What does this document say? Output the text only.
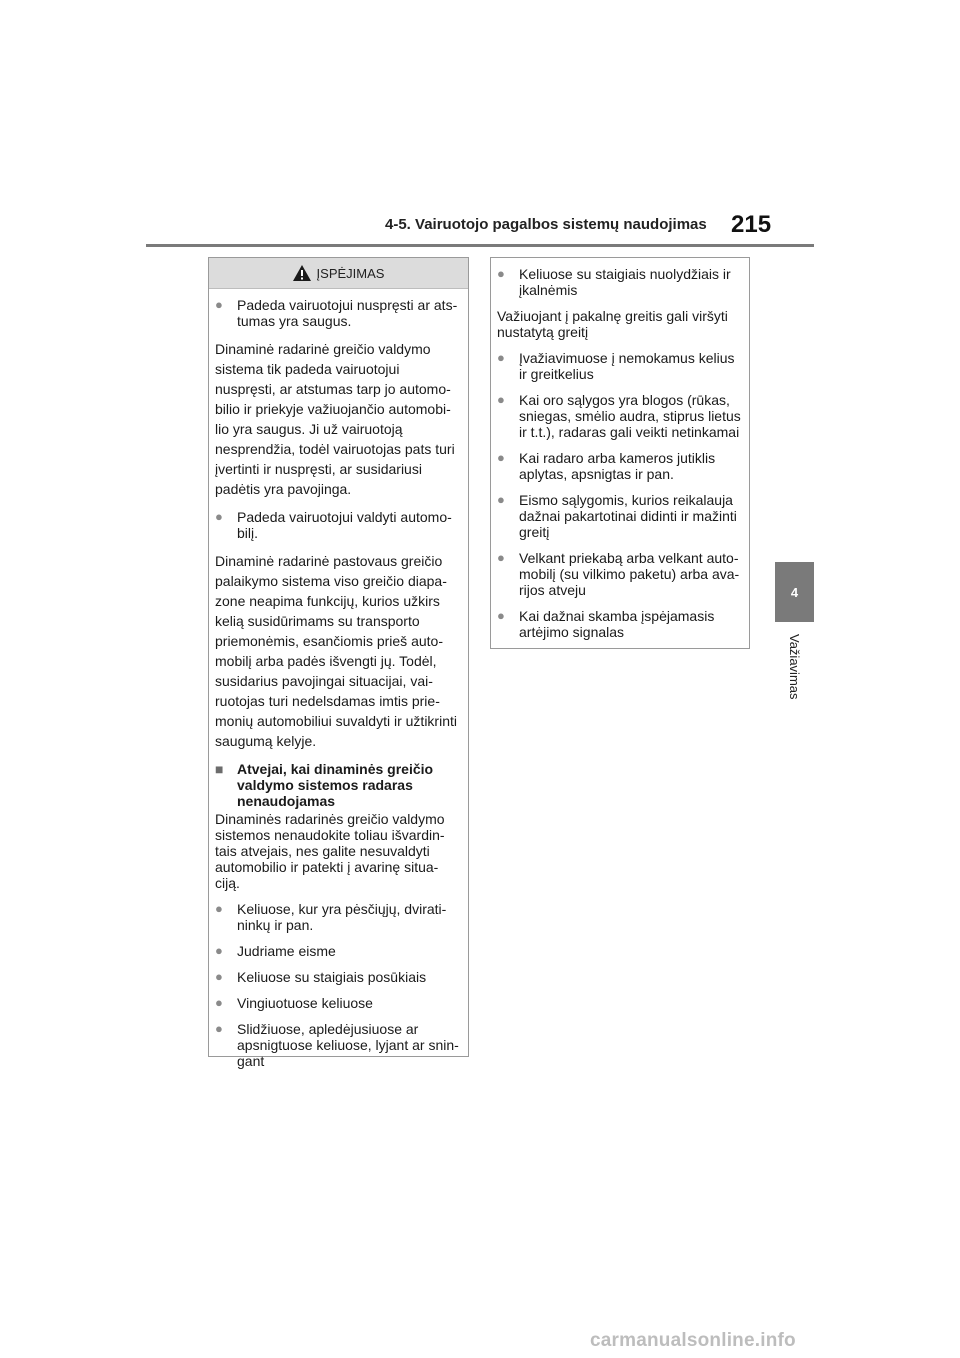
4-5. Vairuotojo pagalbos sistemų naudojimas 215
4
Važiavimas
ĮSPĖJIMAS
●	Padeda vairuotojui nuspręsti ar ats-tumas yra saugus.
Dinaminė radarinė greičio valdymo sistema tik padeda vairuotojui nuspręsti, ar atstumas tarp jo automo-bilio ir priekyje važiuojančio automobi-lio yra saugus. Ji už vairuotoją nesprendžia, todėl vairuotojas pats turi įvertinti ir nuspręsti, ar susidariusi padėtis yra pavojinga.
●	Padeda vairuotojui valdyti automo-bilį.
Dinaminė radarinė pastovaus greičio palaikymo sistema viso greičio diapa-zone neapima funkcijų, kurios užkirs kelią susidūrimams su transporto priemonėmis, esančiomis prieš auto-mobilį arba padės išvengti jų. Todėl, susidarius pavojingai situacijai, vai-ruotojas turi nedelsdamas imtis prie-monių automobiliui suvaldyti ir užtikrinti saugumą kelyje.
■ Atvejai, kai dinaminės greičio valdymo sistemos radaras nenaudojamas
Dinaminės radarinės greičio valdymo sistemos nenaudokite toliau išvardin-tais atvejais, nes galite nesuvaldyti automobilio ir patekti į avarinę situa-ciją.
●	Keliuose, kur yra pėsčiųjų, dvirati-ninkų ir pan.
●	Judriame eisme
●	Keliuose su staigiais posūkiais
●	Vingiuotuose keliuose
●	Slidžiuose, apledėjusiuose ar apsnigtuose keliuose, lyjant ar snin-gant
●	Keliuose su staigiais nuolydžiais ir įkalnėmis
Važiuojant į pakalnę greitis gali viršyti nustatytą greitį
●	Įvažiavimuose į nemokamus kelius ir greitkelius
●	Kai oro sąlygos yra blogos (rūkas, sniegas, smėlio audra, stiprus lietus ir t.t.), radaras gali veikti netinkamai
●	Kai radaro arba kameros jutiklis aplytas, apsnigtas ir pan.
●	Eismo sąlygomis, kurios reikalauja dažnai pakartotinai didinti ir mažinti greitį
●	Velkant priekabą arba velkant auto-mobilį (su vilkimo paketu) arba ava-rijos atveju
●	Kai dažnai skamba įspėjamasis artėjimo signalas
carmanualsonline.info
